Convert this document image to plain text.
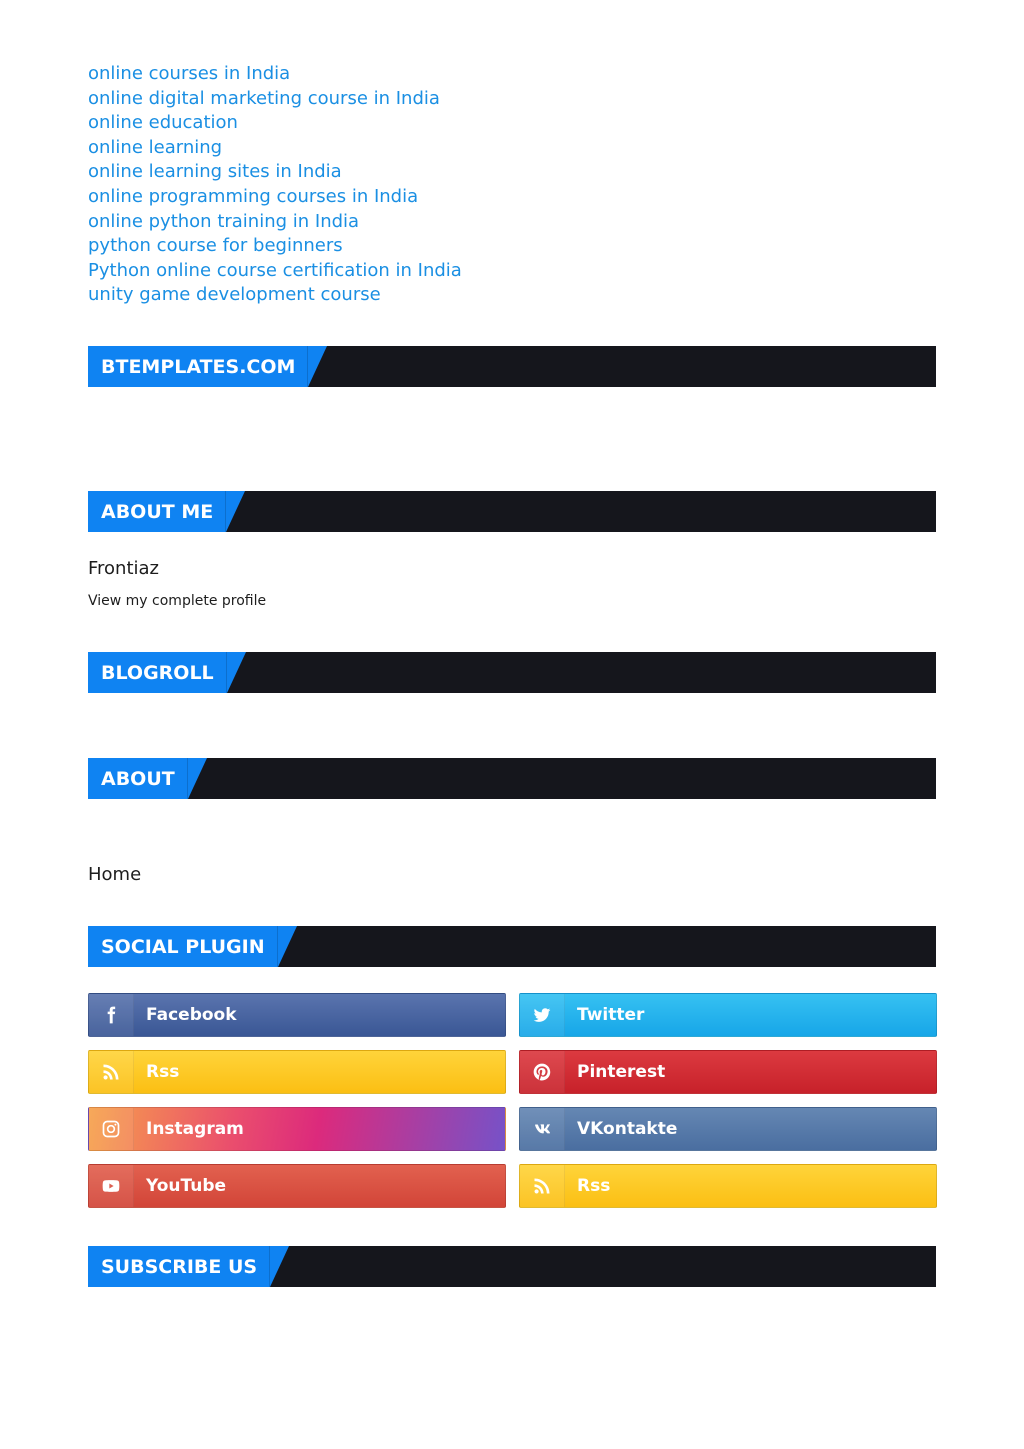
online courses in India
online digital marketing course in India
online education
online learning
online learning sites in India
online programming courses in India
online python training in India
python course for beginners
Python online course certification in India
unity game development course
BTEMPLATES.COM
ABOUT ME
Frontiaz
View my complete profile
BLOGROLL
ABOUT
Home
SOCIAL PLUGIN
Facebook	Twitter
Rss	Pinterest
Instagram	VKontakte
YouTube	Rss
SUBSCRIBE US
